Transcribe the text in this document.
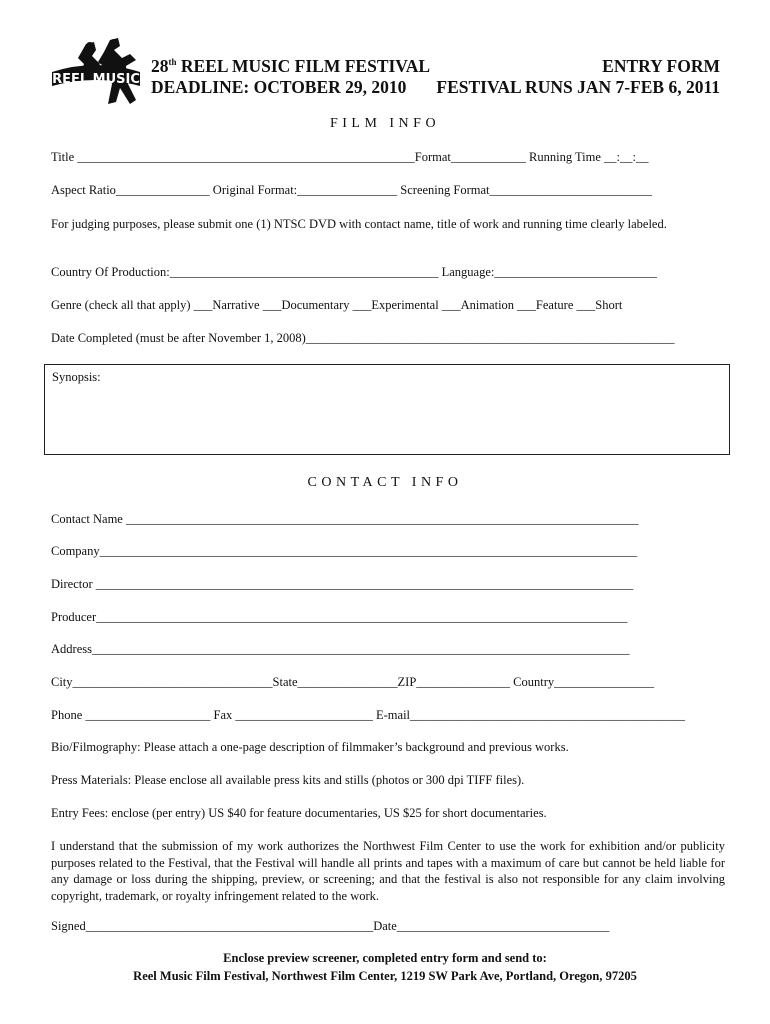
REEL MUSIC
28th REEL MUSIC FILM FESTIVAL	ENTRY FORM
DEADLINE: OCTOBER 29, 2010 FESTIVAL RUNS JAN 7-FEB 6, 2011
FILM INFO
Title ______________________________________________________Format____________ Running Time __:__:__
Aspect Ratio_______________ Original Format:________________ Screening Format__________________________
For judging purposes, please submit one (1) NTSC DVD with contact name, title of work and running time clearly labeled.
Country Of Production:___________________________________________ Language:__________________________
Genre (check all that apply) ___Narrative ___Documentary ___Experimental ___Animation ___Feature ___Short
Date Completed (must be after November 1, 2008)___________________________________________________________
Synopsis:
CONTACT INFO
Contact Name __________________________________________________________________________________
Company______________________________________________________________________________________
Director ______________________________________________________________________________________
Producer_____________________________________________________________________________________
Address______________________________________________________________________________________
City________________________________State________________ZIP_______________ Country________________
Phone ____________________ Fax ______________________ E-mail____________________________________________
Bio/Filmography: Please attach a one-page description of filmmaker’s background and previous works.
Press Materials: Please enclose all available press kits and stills (photos or 300 dpi TIFF files).
Entry Fees: enclose (per entry) US $40 for feature documentaries, US $25 for short documentaries.
I understand that the submission of my work authorizes the Northwest Film Center to use the work for exhibition and/or publicity purposes related to the Festival, that the Festival will handle all prints and tapes with a maximum of care but cannot be held liable for any damage or loss during the shipping, preview, or screening; and that the festival is also not responsible for any claim involving copyright, trademark, or royalty infringement related to the work.
Signed______________________________________________Date__________________________________
Enclose preview screener, completed entry form and send to:
Reel Music Film Festival, Northwest Film Center, 1219 SW Park Ave, Portland, Oregon, 97205
